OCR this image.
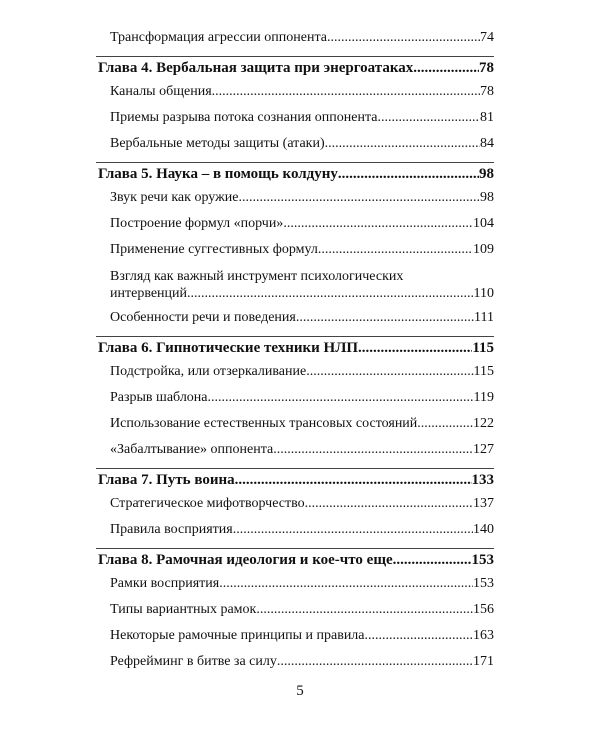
Трансформация агрессии оппонента .....	74
Глава 4. Вербальная защита при энергоатаках .....	78
Каналы общения .....	78
Приемы разрыва потока сознания оппонента .....	81
Вербальные методы защиты (атаки) .....	84
Глава 5. Наука – в помощь колдуну .....	98
Звук речи как оружие .....	98
Построение формул «порчи» .....	104
Применение суггестивных формул .....	109
Взгляд как важный инструмент психологических
интервенций .....	110
Особенности речи и поведения .....	111
Глава 6. Гипнотические техники НЛП .....	115
Подстройка, или отзеркаливание .....	115
Разрыв шаблона .....	119
Использование естественных трансовых состояний .....	122
«Забалтывание» оппонента .....	127
Глава 7. Путь воина .....	133
Стратегическое мифотворчество .....	137
Правила восприятия .....	140
Глава 8. Рамочная идеология и кое-что еще .....	153
Рамки восприятия .....	153
Типы вариантных рамок .....	156
Некоторые рамочные принципы и правила .....	163
Рефрейминг в битве за силу .....	171
5
